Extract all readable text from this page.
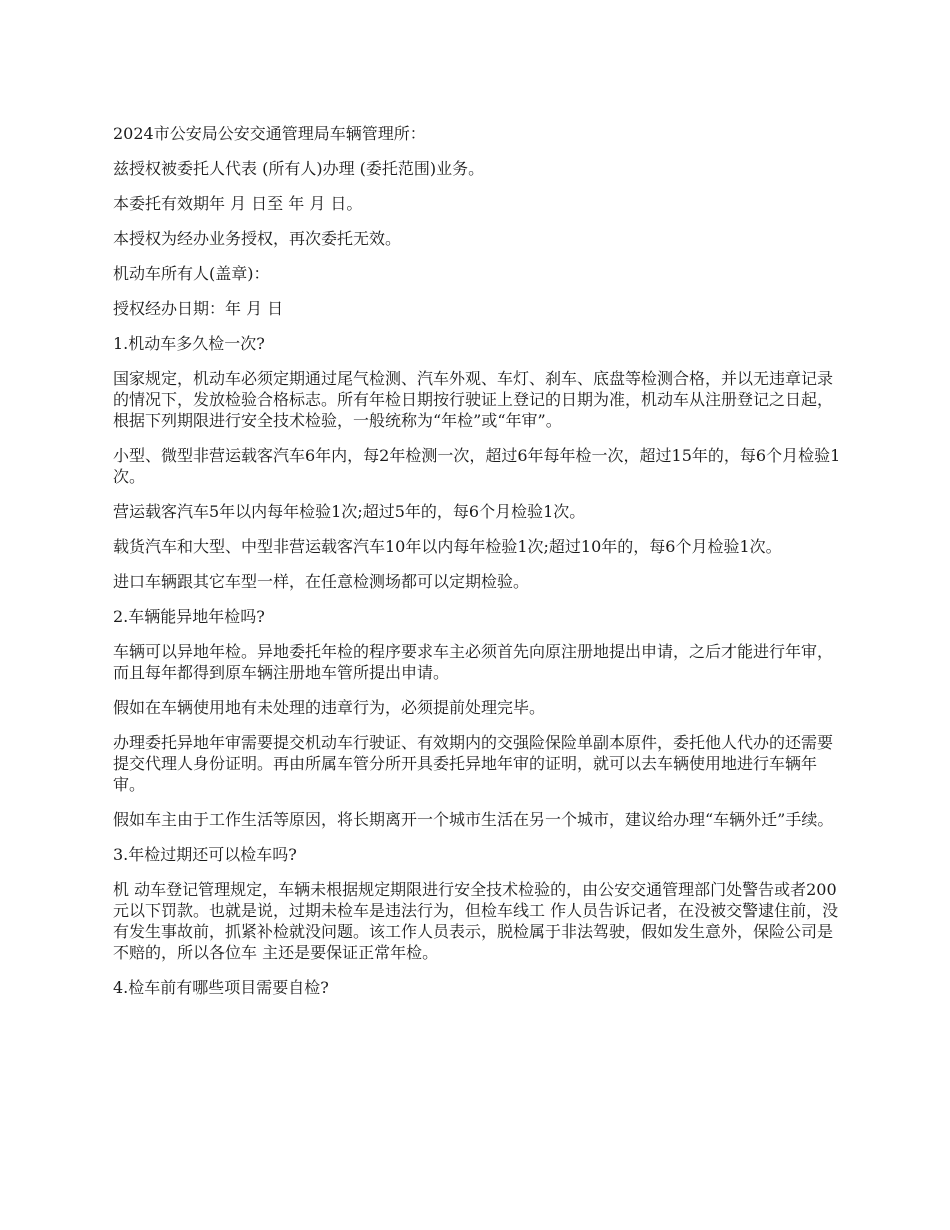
2024市公安局公安交通管理局车辆管理所：

兹授权被委托人代表 (所有人)办理 (委托范围)业务。

本委托有效期年 月 日至 年 月 日。

本授权为经办业务授权，再次委托无效。

机动车所有人(盖章)：

授权经办日期：年 月 日

1.机动车多久检一次?

国家规定，机动车必须定期通过尾气检测、汽车外观、车灯、刹车、底盘等检测合格，并以无违章记录的情况下，发放检验合格标志。所有年检日期按行驶证上登记的日期为准，机动车从注册登记之日起，根据下列期限进行安全技术检验，一般统称为“年检”或“年审”。

小型、微型非营运载客汽车6年内，每2年检测一次，超过6年每年检一次，超过15年的，每6个月检验1次。

营运载客汽车5年以内每年检验1次;超过5年的，每6个月检验1次。

载货汽车和大型、中型非营运载客汽车10年以内每年检验1次;超过10年的，每6个月检验1次。

进口车辆跟其它车型一样，在任意检测场都可以定期检验。

2.车辆能异地年检吗?

车辆可以异地年检。异地委托年检的程序要求车主必须首先向原注册地提出申请，之后才能进行年审，而且每年都得到原车辆注册地车管所提出申请。

假如在车辆使用地有未处理的违章行为，必须提前处理完毕。

办理委托异地年审需要提交机动车行驶证、有效期内的交强险保险单副本原件，委托他人代办的还需要提交代理人身份证明。再由所属车管分所开具委托异地年审的证明，就可以去车辆使用地进行车辆年审。

假如车主由于工作生活等原因，将长期离开一个城市生活在另一个城市，建议给办理“车辆外迁”手续。

3.年检过期还可以检车吗?

机 动车登记管理规定，车辆未根据规定期限进行安全技术检验的，由公安交通管理部门处警告或者200元以下罚款。也就是说，过期未检车是违法行为，但检车线工 作人员告诉记者，在没被交警逮住前，没有发生事故前，抓紧补检就没问题。该工作人员表示，脱检属于非法驾驶，假如发生意外，保险公司是不赔的，所以各位车 主还是要保证正常年检。

4.检车前有哪些项目需要自检?
